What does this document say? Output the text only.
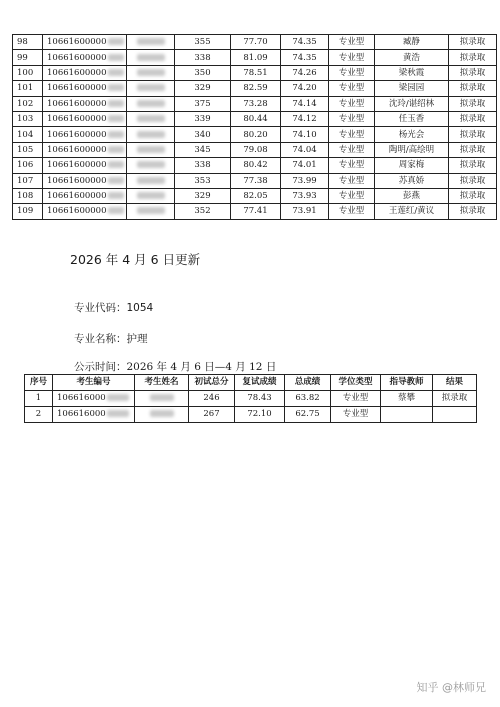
98	10661600000		355	77.70	74.35	专业型	臧静	拟录取
99	10661600000		338	81.09	74.35	专业型	黄浩	拟录取
100	10661600000		350	78.51	74.26	专业型	梁秋霞	拟录取
101	10661600000		329	82.59	74.20	专业型	梁园园	拟录取
102	10661600000		375	73.28	74.14	专业型	沈玲/谌绍林	拟录取
103	10661600000		339	80.44	74.12	专业型	任玉香	拟录取
104	10661600000		340	80.20	74.10	专业型	杨光会	拟录取
105	10661600000		345	79.08	74.04	专业型	陶明/高绘明	拟录取
106	10661600000		338	80.42	74.01	专业型	周家梅	拟录取
107	10661600000		353	77.38	73.99	专业型	苏真娇	拟录取
108	10661600000		329	82.05	73.93	专业型	彭燕	拟录取
109	10661600000		352	77.41	73.91	专业型	王莲红/黄议	拟录取
2026 年 4 月 6 日更新
专业代码：1054
专业名称：护理
公示时间：2026 年 4 月 6 日—4 月 12 日
序号	考生编号	考生姓名	初试总分	复试成绩	总成绩	学位类型	指导教师	结果
1	106616000		246	78.43	63.82	专业型	蔡攀	拟录取
2	106616000		267	72.10	62.75	专业型		
知乎 @林师兄
